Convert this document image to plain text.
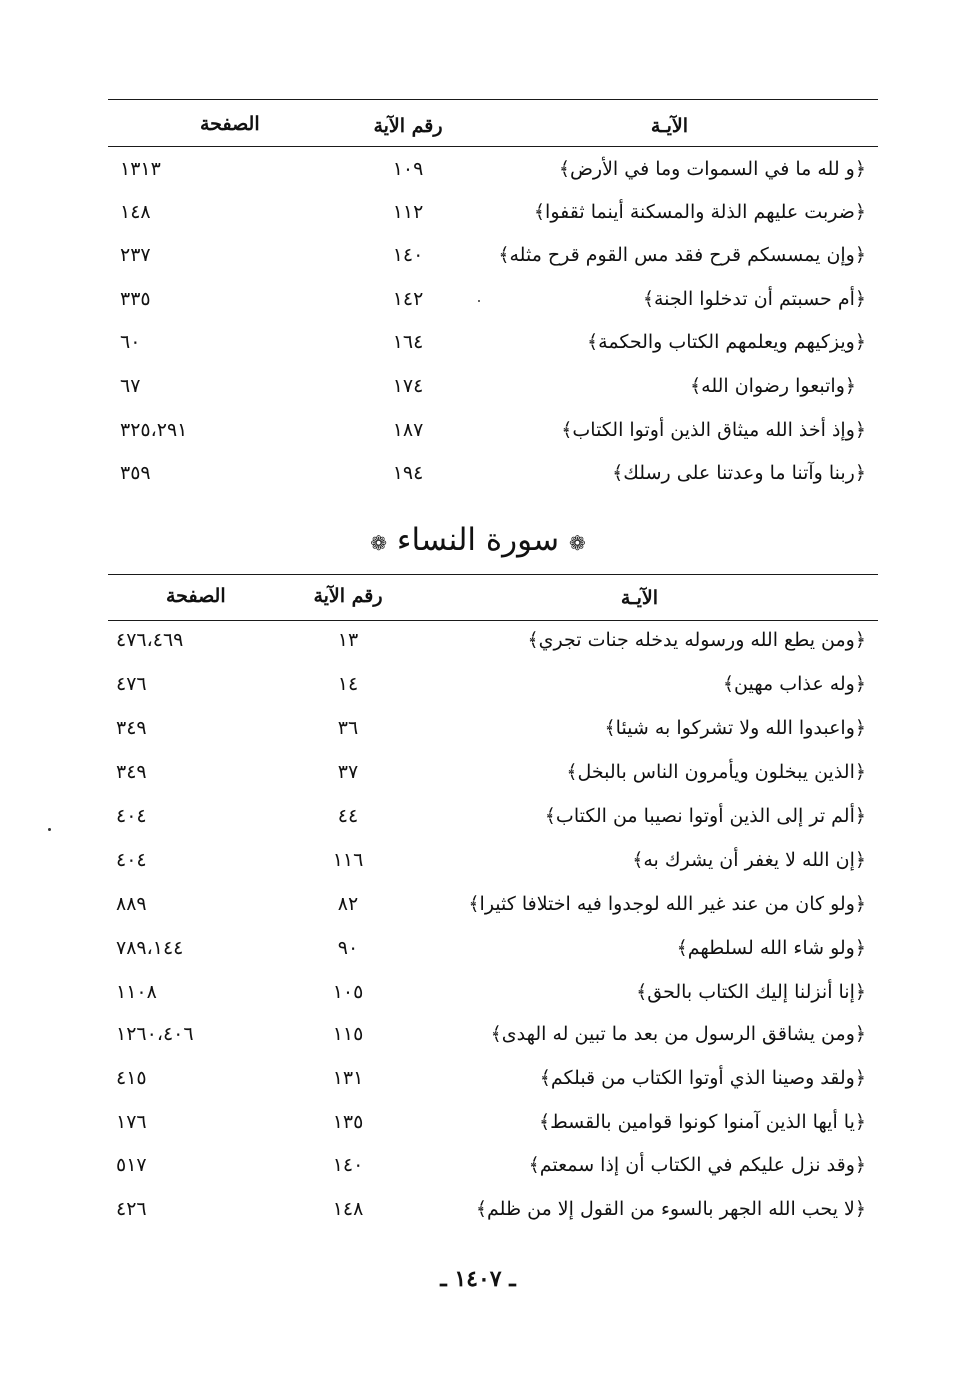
الآيـة
رقم الآية
الصفحة
﴿و لله ما في السموات وما في الأرض﴾
١٠٩
١٣١٣
﴿ضربت عليهم الذلة والمسكنة أينما ثقفوا﴾
١١٢
١٤٨
﴿وإن يمسسكم قرح فقد مس القوم قرح مثله﴾
١٤٠
٢٣٧
﴿أم حسبتم أن تدخلوا الجنة﴾
١٤٢
٣٣٥
﴿ويزكيهم ويعلمهم الكتاب والحكمة﴾
١٦٤
٦٠
﴿واتبعوا رضوان الله﴾
١٧٤
٦٧
﴿وإذ أخذ الله ميثاق الذين أوتوا الكتاب﴾
١٨٧
٣٢٥،٢٩١
﴿ربنا وآتنا ما وعدتنا على رسلك﴾
١٩٤
٣٥٩
❁ سورة النساء ❁
الآيـة
رقم الآية
الصفحة
﴿ومن يطع الله ورسوله يدخله جنات تجري﴾
١٣
٤٧٦،٤٦٩
﴿وله عذاب مهين﴾
١٤
٤٧٦
﴿واعبدوا الله ولا تشركوا به شيئا﴾
٣٦
٣٤٩
﴿الذين يبخلون ويأمرون الناس بالبخل﴾
٣٧
٣٤٩
﴿ألم تر إلى الذين أوتوا نصيبا من الكتاب﴾
٤٤
٤٠٤
﴿إن الله لا يغفر أن يشرك به﴾
١١٦
٤٠٤
﴿ولو كان من عند غير الله لوجدوا فيه اختلافا كثيرا﴾
٨٢
٨٨٩
﴿ولو شاء الله لسلطهم﴾
٩٠
٧٨٩،١٤٤
﴿إنا أنزلنا إليك الكتاب بالحق﴾
١٠٥
١١٠٨
﴿ومن يشاقق الرسول من بعد ما تبين له الهدى﴾
١١٥
١٢٦٠،٤٠٦
﴿ولقد وصينا الذي أوتوا الكتاب من قبلكم﴾
١٣١
٤١٥
﴿يا أيها الذين آمنوا كونوا قوامين بالقسط﴾
١٣٥
١٧٦
﴿وقد نزل عليكم في الكتاب أن إذا سمعتم﴾
١٤٠
٥١٧
﴿لا يحب الله الجهر بالسوء من القول إلا من ظلم﴾
١٤٨
٤٢٦
ـ ١٤٠٧ ـ
